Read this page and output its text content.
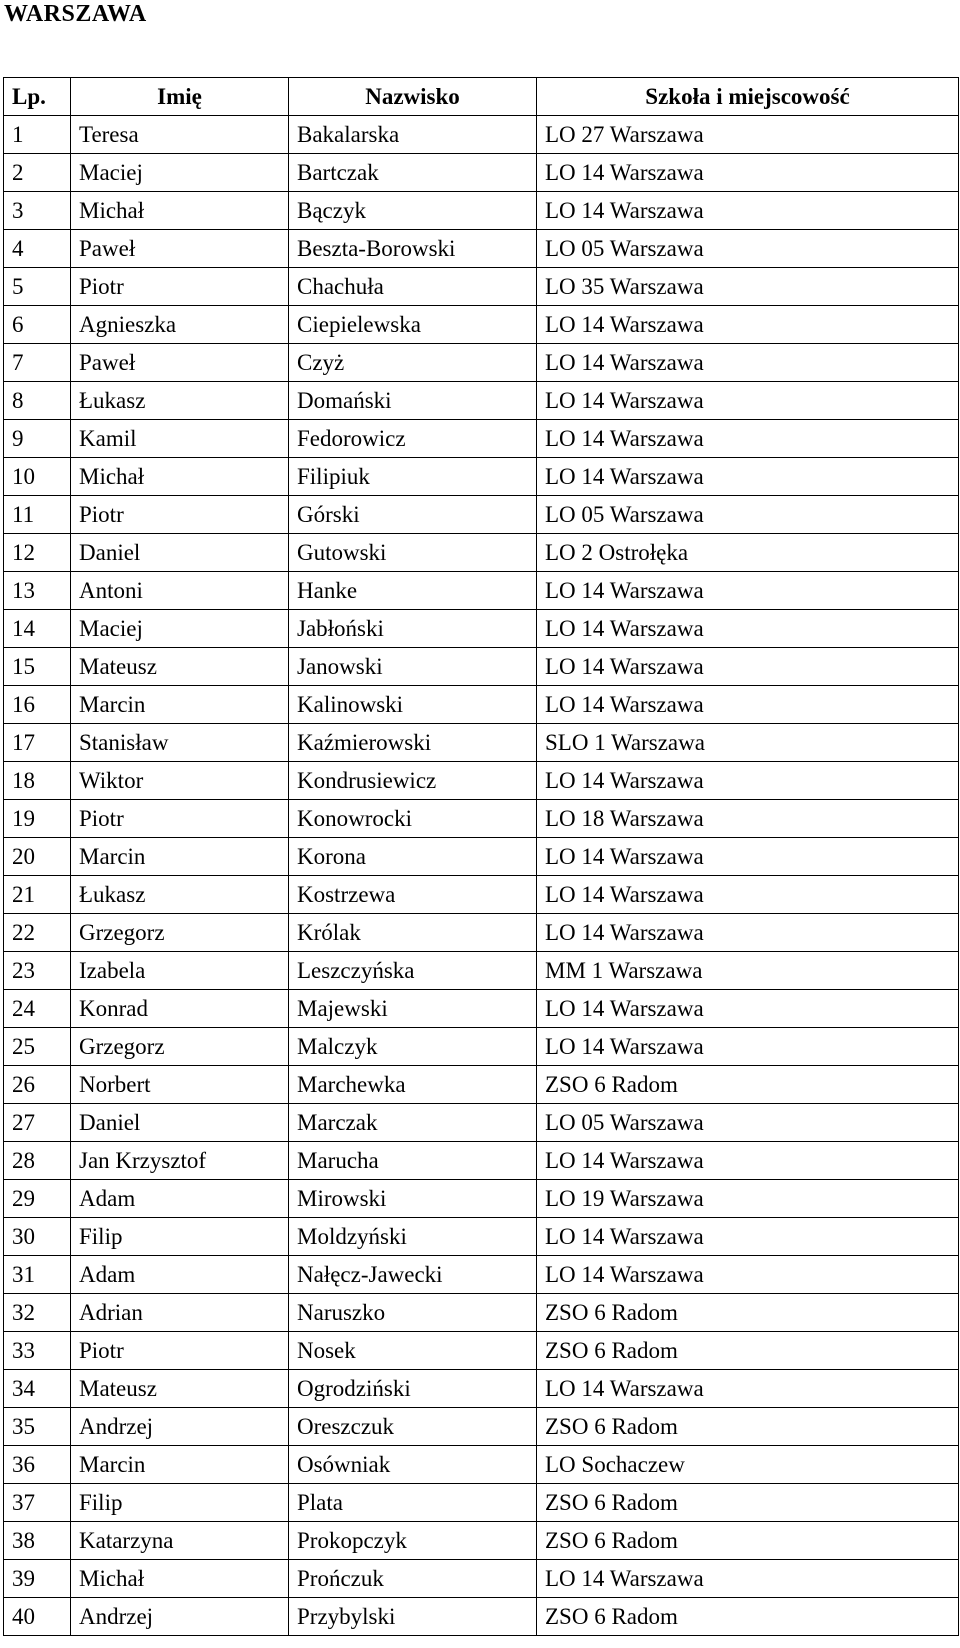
WARSZAWA
Lp.	Imię	Nazwisko	Szkoła i miejscowość
1	Teresa	Bakalarska	LO 27 Warszawa
2	Maciej	Bartczak	LO 14 Warszawa
3	Michał	Bączyk	LO 14 Warszawa
4	Paweł	Beszta-Borowski	LO 05 Warszawa
5	Piotr	Chachuła	LO 35 Warszawa
6	Agnieszka	Ciepielewska	LO 14 Warszawa
7	Paweł	Czyż	LO 14 Warszawa
8	Łukasz	Domański	LO 14 Warszawa
9	Kamil	Fedorowicz	LO 14 Warszawa
10	Michał	Filipiuk	LO 14 Warszawa
11	Piotr	Górski	LO 05 Warszawa
12	Daniel	Gutowski	LO 2 Ostrołęka
13	Antoni	Hanke	LO 14 Warszawa
14	Maciej	Jabłoński	LO 14 Warszawa
15	Mateusz	Janowski	LO 14 Warszawa
16	Marcin	Kalinowski	LO 14 Warszawa
17	Stanisław	Kaźmierowski	SLO 1 Warszawa
18	Wiktor	Kondrusiewicz	LO 14 Warszawa
19	Piotr	Konowrocki	LO 18 Warszawa
20	Marcin	Korona	LO 14 Warszawa
21	Łukasz	Kostrzewa	LO 14 Warszawa
22	Grzegorz	Królak	LO 14 Warszawa
23	Izabela	Leszczyńska	MM 1 Warszawa
24	Konrad	Majewski	LO 14 Warszawa
25	Grzegorz	Malczyk	LO 14 Warszawa
26	Norbert	Marchewka	ZSO 6 Radom
27	Daniel	Marczak	LO 05 Warszawa
28	Jan Krzysztof	Marucha	LO 14 Warszawa
29	Adam	Mirowski	LO 19 Warszawa
30	Filip	Moldzyński	LO 14 Warszawa
31	Adam	Nałęcz-Jawecki	LO 14 Warszawa
32	Adrian	Naruszko	ZSO 6 Radom
33	Piotr	Nosek	ZSO 6 Radom
34	Mateusz	Ogrodziński	LO 14 Warszawa
35	Andrzej	Oreszczuk	ZSO 6 Radom
36	Marcin	Osówniak	LO Sochaczew
37	Filip	Plata	ZSO 6 Radom
38	Katarzyna	Prokopczyk	ZSO 6 Radom
39	Michał	Prończuk	LO 14 Warszawa
40	Andrzej	Przybylski	ZSO 6 Radom
